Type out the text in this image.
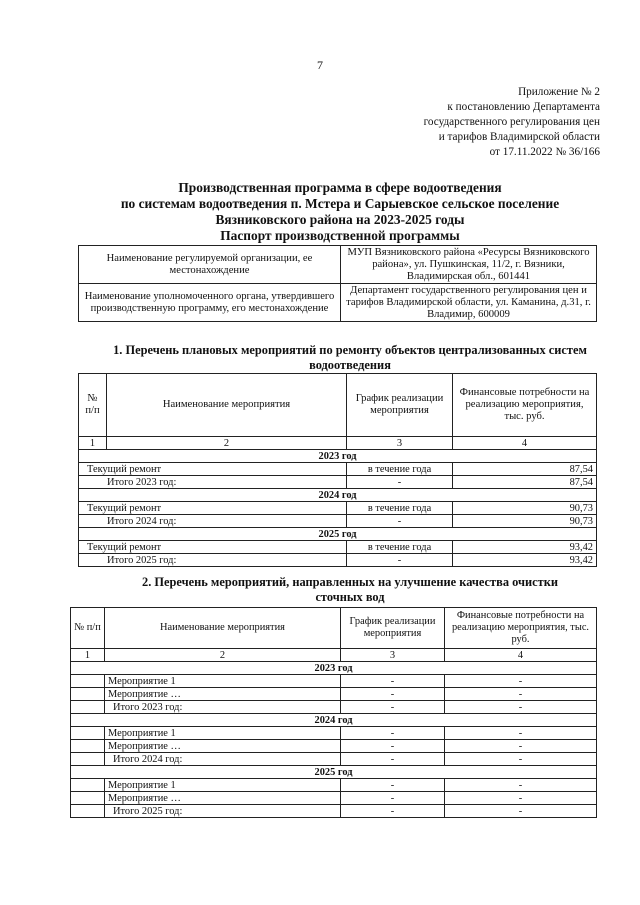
7
Приложение № 2
к постановлению Департамента
государственного регулирования цен
и тарифов Владимирской области
от 17.11.2022 № 36/166
Производственная программа в сфере водоотведения
по системам водоотведения п. Мстера и Сарыевское сельское поселение
Вязниковского района на 2023-2025 годы
Паспорт производственной программы
Наименование регулируемой организации, ее местонахождение	МУП Вязниковского района «Ресурсы Вязниковского района», ул. Пушкинская, 11/2, г. Вязники, Владимирская обл., 601441
Наименование уполномоченного органа, утвердившего производственную программу, его местонахождение	Департамент государственного регулирования цен и тарифов Владимирской области, ул. Каманина, д.31, г. Владимир, 600009
1. Перечень плановых мероприятий по ремонту объектов централизованных систем
водоотведения
№ п/п	Наименование мероприятия	График реализации мероприятия	Финансовые потребности на реализацию мероприятия, тыс. руб.
1	2	3	4
2023 год			
Текущий ремонт		в течение года	87,54
Итого 2023 год:		-	87,54
2024 год			
Текущий ремонт		в течение года	90,73
Итого 2024 год:		-	90,73
2025 год			
Текущий ремонт		в течение года	93,42
Итого 2025 год:		-	93,42
2. Перечень мероприятий, направленных на улучшение качества очистки
сточных вод
№ п/п	Наименование мероприятия	График реализации мероприятия	Финансовые потребности на реализацию мероприятия, тыс. руб.
1	2	3	4
2023 год			
	Мероприятие 1	-	-
	Мероприятие …	-	-
	Итого 2023 год:	-	-
2024 год			
	Мероприятие 1	-	-
	Мероприятие …	-	-
	Итого 2024 год:	-	-
2025 год			
	Мероприятие 1	-	-
	Мероприятие …	-	-
	Итого 2025 год:	-	-
